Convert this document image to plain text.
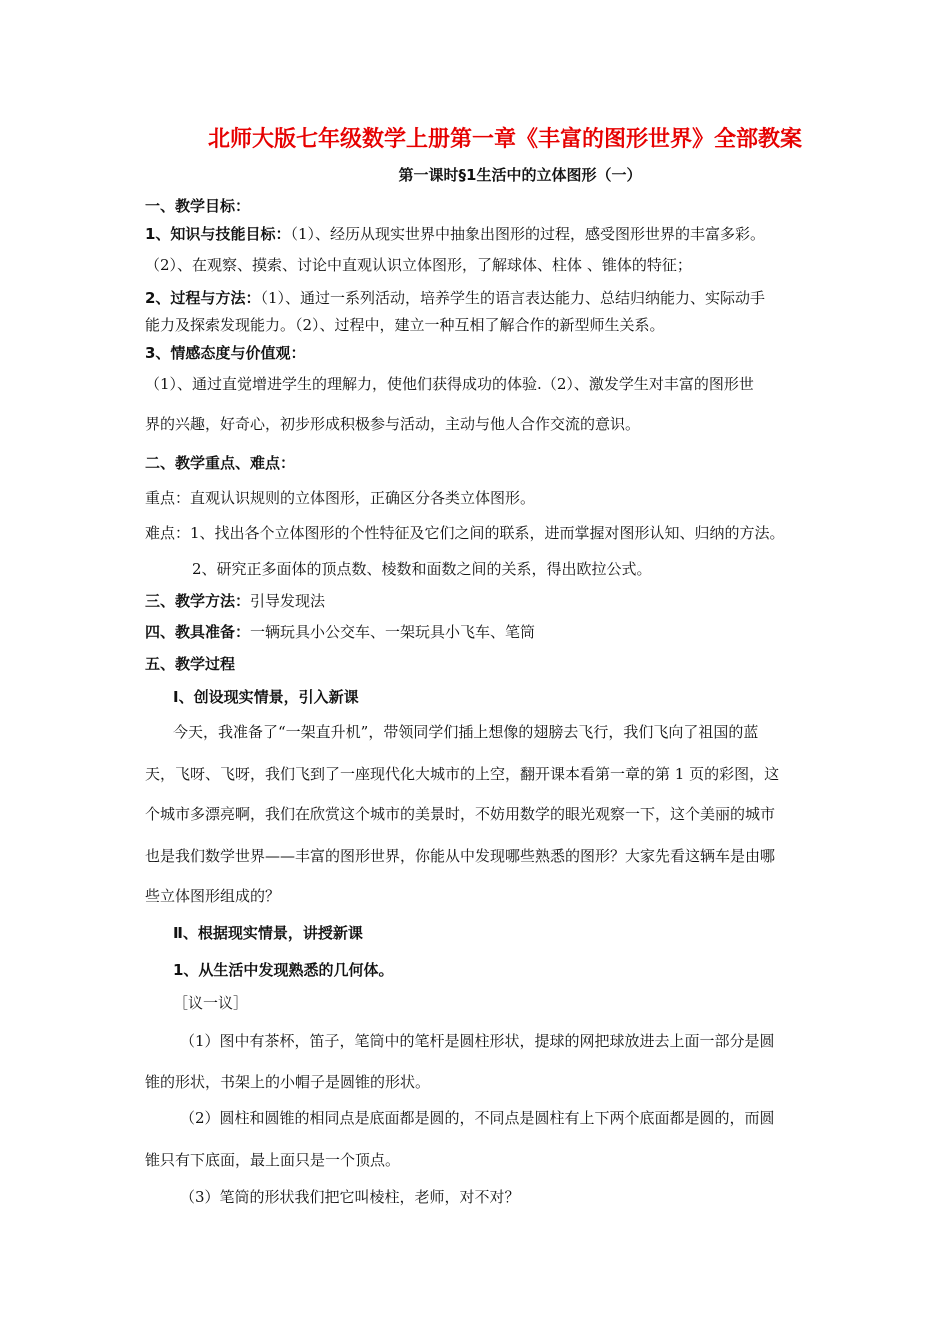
北师大版七年级数学上册第一章《丰富的图形世界》全部教案
第一课时§1生活中的立体图形（一）
一、教学目标：
1、知识与技能目标：（1）、经历从现实世界中抽象出图形的过程，感受图形世界的丰富多彩。
（2）、在观察、摸索、讨论中直观认识立体图形，了解球体、柱体 、锥体的特征；
2、过程与方法：（1）、通过一系列活动，培养学生的语言表达能力、总结归纳能力、实际动手
能力及探索发现能力。（2）、过程中，建立一种互相了解合作的新型师生关系。
3、情感态度与价值观：
（1）、通过直觉增进学生的理解力，使他们获得成功的体验.（2）、激发学生对丰富的图形世
界的兴趣，好奇心，初步形成积极参与活动，主动与他人合作交流的意识。
二、教学重点、难点：
重点：直观认识规则的立体图形，正确区分各类立体图形。
难点：1、找出各个立体图形的个性特征及它们之间的联系，进而掌握对图形认知、归纳的方法。
2、研究正多面体的顶点数、棱数和面数之间的关系，得出欧拉公式。
三、教学方法：引导发现法
四、教具准备：一辆玩具小公交车、一架玩具小飞车、笔筒
五、教学过程
Ⅰ、创设现实情景，引入新课
今天，我准备了“一架直升机”，带领同学们插上想像的翅膀去飞行，我们飞向了祖国的蓝
天，飞呀、飞呀，我们飞到了一座现代化大城市的上空，翻开课本看第一章的第 1 页的彩图，这
个城市多漂亮啊，我们在欣赏这个城市的美景时，不妨用数学的眼光观察一下，这个美丽的城市
也是我们数学世界——丰富的图形世界，你能从中发现哪些熟悉的图形？大家先看这辆车是由哪
些立体图形组成的？
Ⅱ、根据现实情景，讲授新课
1、从生活中发现熟悉的几何体。
［议一议］
（1）图中有茶杯，笛子，笔筒中的笔杆是圆柱形状，提球的网把球放进去上面一部分是圆
锥的形状，书架上的小帽子是圆锥的形状。
（2）圆柱和圆锥的相同点是底面都是圆的，不同点是圆柱有上下两个底面都是圆的，而圆
锥只有下底面，最上面只是一个顶点。
（3）笔筒的形状我们把它叫棱柱，老师，对不对？
